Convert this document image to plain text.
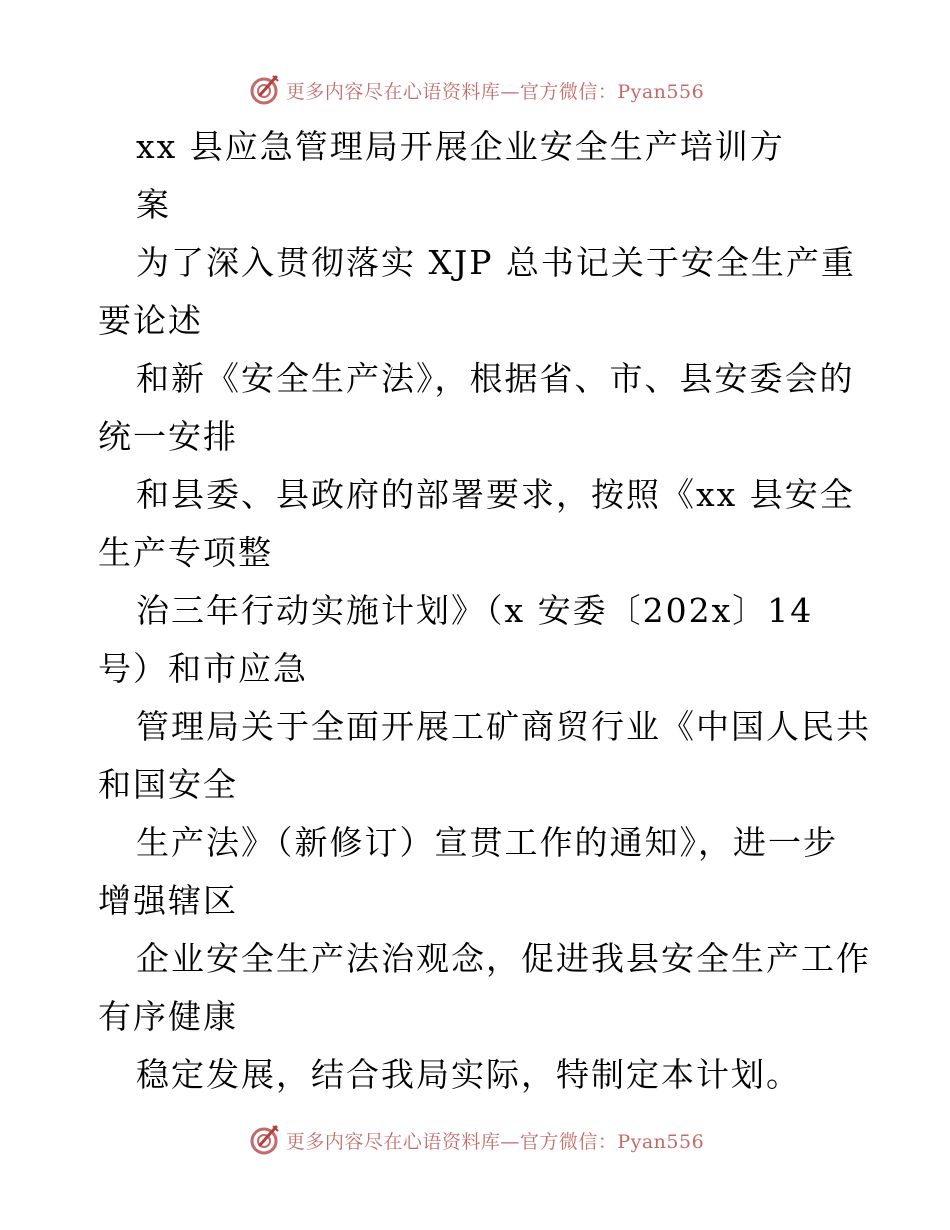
更多内容尽在心语资料库—官方微信：Pyan556
xx 县应急管理局开展企业安全生产培训方
案
为了深入贯彻落实 XJP 总书记关于安全生产重
要论述
和新《安全生产法》，根据省、市、县安委会的
统一安排
和县委、县政府的部署要求，按照《xx 县安全
生产专项整
治三年行动实施计划》（x 安委〔202x〕14
号）和市应急
管理局关于全面开展工矿商贸行业《中国人民共
和国安全
生产法》（新修订）宣贯工作的通知》，进一步
增强辖区
企业安全生产法治观念，促进我县安全生产工作
有序健康
稳定发展，结合我局实际，特制定本计划。
更多内容尽在心语资料库—官方微信：Pyan556
